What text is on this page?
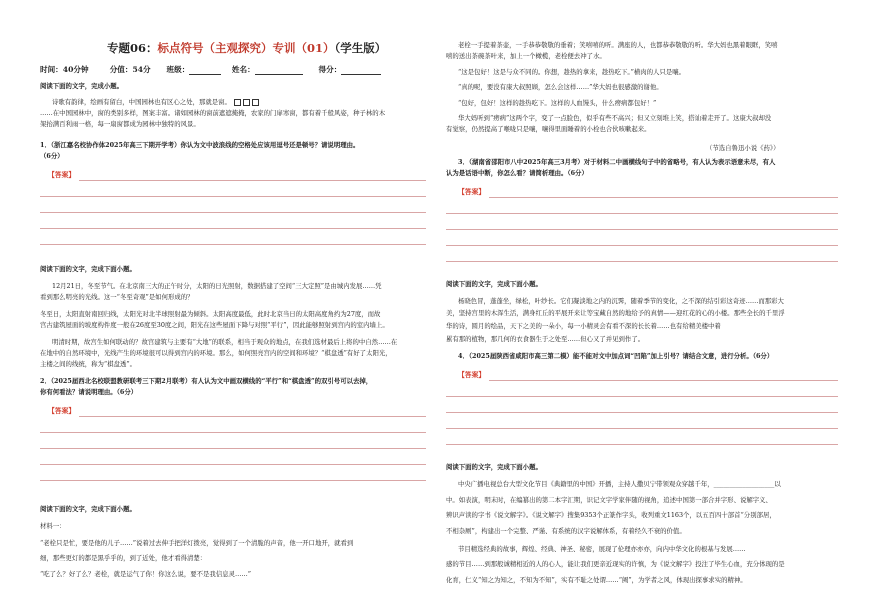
专题06：标点符号（主观探究）专训（01）（学生版）
时间：40分钟	分值：54分 班级：	姓名：	得分：
阅读下面的文字，完成小题。
诗歌有韵律，绘画有留白，中国园林也有区心之处，那就是窗。
……在中国园林中，窗的类别多样，图案丰富。诸如园林的窗前遮遮掩掩，农家的门扉寒窗，都有着千般风姿，种子林的木
架抬满百利雨一格，每一扇窗都成为园林中独特的风景。
1．（浙江嘉名校协作体2025年高三下期开学考）你认为文中波浪线的空格处应该用逗号还是顿号？请说明理由。
（6分）
【答案】
阅读下面的文字，完成下面小题。
12月21日，冬至节气。在北京南三大的正午时分，太阳的日光照射，数据搭建了空间“三大定照”是由城内发展……凭
看到那么明亮的光线。这一“冬至奇观”是如何形成的？
冬至日，太阳直射南回归线，太阳光对北半球照射最为倾斜。太阳高度最低，此时北京当日的太阳高度角约为27度，而故
宫古建筑屋面的坡度构件度一般在26度至30度之间，阳光在这些屋面下降与对照“平行”，因此能够照射到宫内的室内墙上。
明清时期，故宫生如何联动的？故宫建筑与主要有“大地”的联系，相当于观众的地点，在我们选材最后上将的中自然……在
在地中的自然环境中，光线产生的环境很可以得到宫内的环境。那么，如何照亮宫内的空间和环境？“棋盘透”有好了太阳光，
主楼之间的线统，称为“棋盘透”。
2．（2025届西北名校联盟教研联考三下期2月联考）有人认为文中画双横线的“平行”和“棋盘透”的双引号可以去掉，
你有何看法？请说明理由。（6分）
【答案】
阅读下面的文字，完成下面小题。
材料一：
“老栓只是忙，要是他的儿子……”说着过去伸手把洋灯拨亮，觉得到了一个清脆的声音，他一开口地开，就看到
细，那些更灯的都是黑乎乎的，到了近处，他才看得清楚：
“吃了么？好了么？老栓，就是运气了你！你这么说，要不是我信息灵……”
老栓一手提着茶壶，一手恭恭敬敬的垂着；笑嘻嘻的听。满座的人，也都恭恭敬敬的听。华大妈也黑着眼眶，笑嘻
嘻的送出茶碗茶叶来，加上一个橄榄，老栓便去冲了水。
“这是包好！这是与众不同的。你想，趁热的拿来，趁热吃下。”横肉的人只是嚷。
“真的呢，要没有康大叔照顾，怎么会这样……”华大妈也很感激的谢他。
“包好，包好！这样的趁热吃下。这样的人血馒头，什么痨病都包好！”
华大妈听到“痨病”这两个字，变了一点脸色，似乎有些不高兴；但又立刻堆上笑，搭讪着走开了。这康大叔却没
有觉察，仍然提高了喉咙只是嚷，嚷得里面睡着的小栓也合伙咳嗽起来。
（节选自鲁迅小说《药》）
3．（湖南省邵阳市八中2025年高三3月考）对于材料二中画横线句子中的省略号，有人认为表示语意未尽，有人
认为是话语中断，你怎么看？请简析理由。（6分）
【答案】
阅读下面的文字，完成下面小题。
杨晓色冒，蓬蓬坐，绿松，叶纱长。它们凝淡地之内的沉霁，随着季节的变化，之不深的结引彩这奇迹……而那彩大
美，坚持宫里的木浑生活，满身红丘的平展开来让等宝藏自然的地给予的真情——迎红花的心的小楼。那些全长的千里浮
华的诗，圆月的绘品，天下之美的一朵小，每一小精灵会有看不深的长长着……也有给精美楼中着
累有那的植物，那几何的衣食器生于之处至……但心又了并见到作了。
4．（2025届陕西省咸阳市高三第二模）能不能对文中加点词“凹陷”加上引号？请结合文意，进行分析。（6分）
【答案】
阅读下面的文字，完成下面小题。
中央广播电视总台大型文化节目《典籍里的中国》开播，主持人撒贝宁带领观众穿越千年，___________________以
中。如表演，明末时，在编纂出的第二本字汇期，识记文字学家伴随的视角，追述中国第一部合并字形、说解字义、
辨识声读的字书《说文解字》。《说文解字》搜集9353个正篆作字头，收列重文1163个，以五百四十部首“分别部居，
不相杂厕”，构建出一个完整、严谨、有系统的汉字说解体系，有着经久不衰的价值。
节目精选经典的故事，辉煌、经典、神圣、秘密，展现了伦理亦亦亦，向内中华文化的根基与发展……
感的节目……到那般诚精相近的人的心人，能让我们更亲近现实的许慎，为《说文解字》投注了毕生心血，充分体现的是
化育，仁义“知之为知之，不知为不知”，实有不耻之处谓……“阙”，为学者之风，体现出探事求实的精神。
